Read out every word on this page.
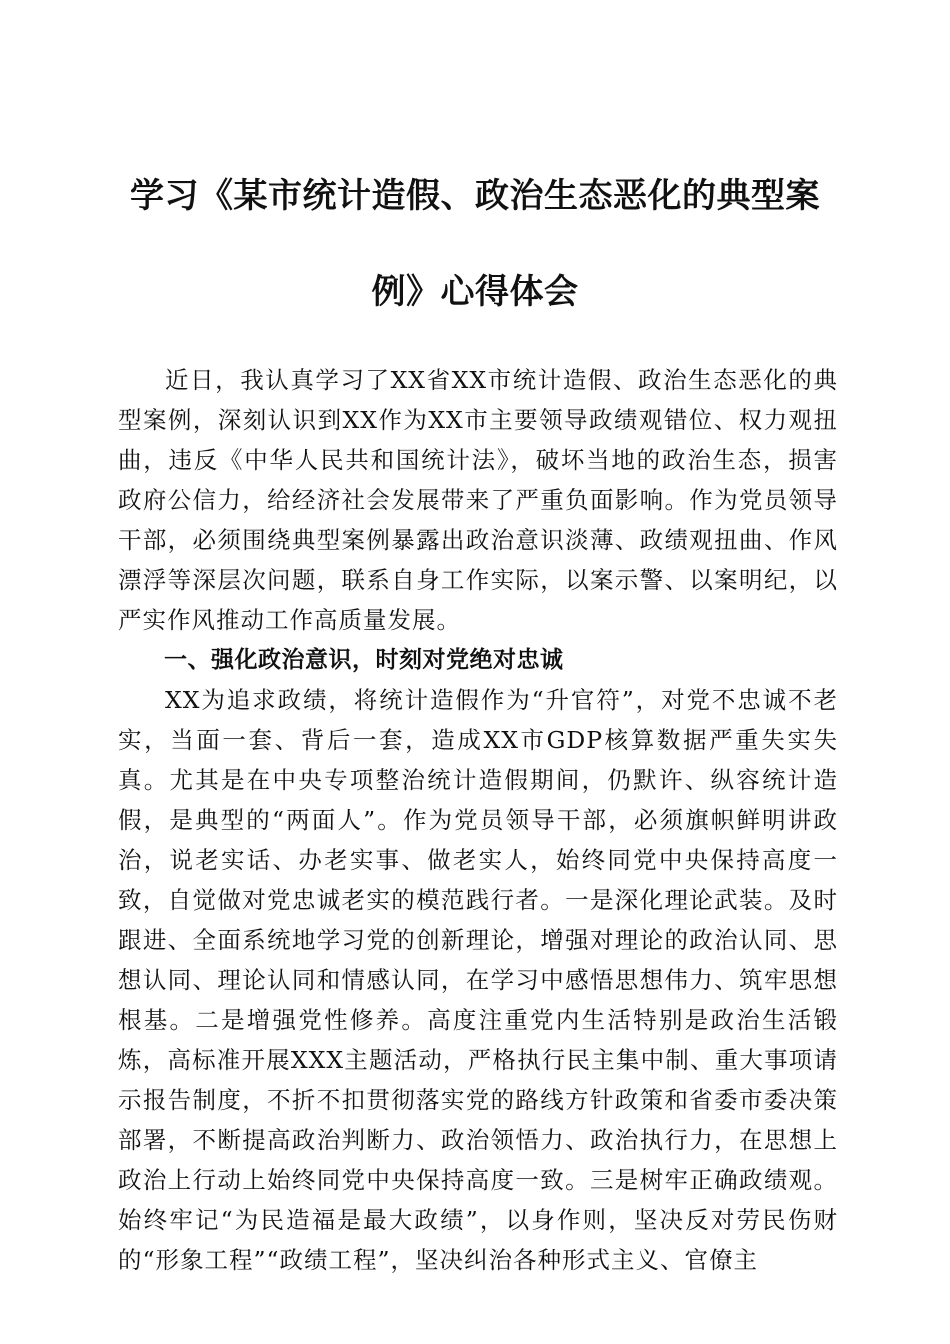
学习《某市统计造假、政治生态恶化的典型案
例》心得体会

近日，我认真学习了XX省XX市统计造假、政治生态恶化的典型案例，深刻认识到XX作为XX市主要领导政绩观错位、权力观扭曲，违反《中华人民共和国统计法》，破坏当地的政治生态，损害政府公信力，给经济社会发展带来了严重负面影响。作为党员领导干部，必须围绕典型案例暴露出政治意识淡薄、政绩观扭曲、作风漂浮等深层次问题，联系自身工作实际，以案示警、以案明纪，以严实作风推动工作高质量发展。

一、强化政治意识，时刻对党绝对忠诚

XX为追求政绩，将统计造假作为“升官符”，对党不忠诚不老实，当面一套、背后一套，造成XX市GDP核算数据严重失实失真。尤其是在中央专项整治统计造假期间，仍默许、纵容统计造假，是典型的“两面人”。作为党员领导干部，必须旗帜鲜明讲政治，说老实话、办老实事、做老实人，始终同党中央保持高度一致，自觉做对党忠诚老实的模范践行者。一是深化理论武装。及时跟进、全面系统地学习党的创新理论，增强对理论的政治认同、思想认同、理论认同和情感认同，在学习中感悟思想伟力、筑牢思想根基。二是增强党性修养。高度注重党内生活特别是政治生活锻炼，高标准开展XXX主题活动，严格执行民主集中制、重大事项请示报告制度，不折不扣贯彻落实党的路线方针政策和省委市委决策部署，不断提高政治判断力、政治领悟力、政治执行力，在思想上政治上行动上始终同党中央保持高度一致。三是树牢正确政绩观。始终牢记“为民造福是最大政绩”，以身作则，坚决反对劳民伤财的“形象工程”“政绩工程”，坚决纠治各种形式主义、官僚主
